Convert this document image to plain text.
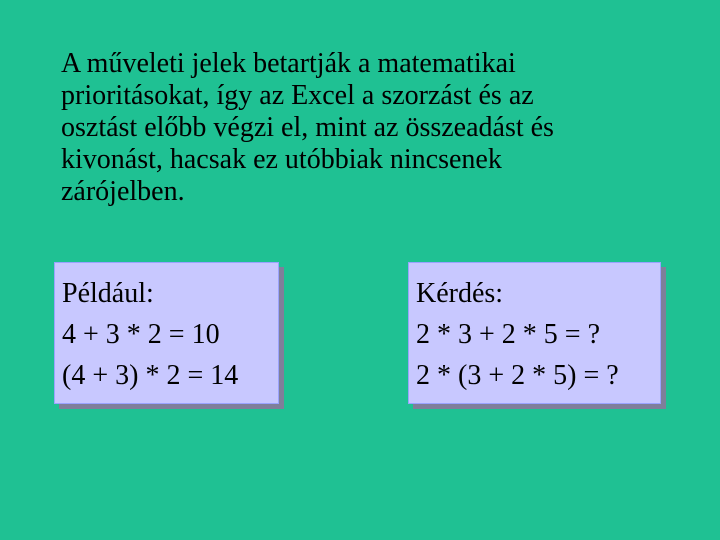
A műveleti jelek betartják a matematikai
prioritásokat, így az Excel a szorzást és az
osztást előbb végzi el, mint az összeadást és
kivonást, hacsak ez utóbbiak nincsenek
zárójelben.
Például:
4 + 3 * 2 = 10
(4 + 3) * 2 = 14
Kérdés:
2 * 3 + 2 * 5 = ?
2 * (3 + 2 * 5) = ?
